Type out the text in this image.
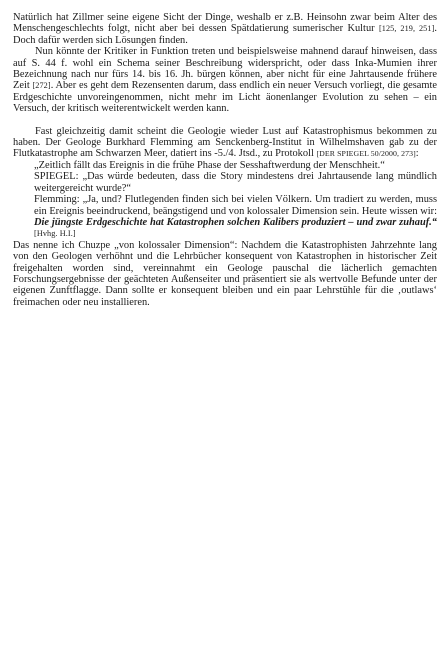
Natürlich hat Zillmer seine eigene Sicht der Dinge, weshalb er z.B. Heinsohn zwar beim Alter des Menschengeschlechts folgt, nicht aber bei dessen Spätdatierung sumerischer Kultur [125, 219, 251]. Doch dafür werden sich Lösungen finden.

Nun könnte der Kritiker in Funktion treten und beispielsweise mahnend darauf hinweisen, dass auf S. 44 f. wohl ein Schema seiner Beschreibung widerspricht, oder dass Inka-Mumien ihrer Bezeichnung nach nur fürs 14. bis 16. Jh. bürgen können, aber nicht für eine Jahrtausende frühere Zeit [272]. Aber es geht dem Rezensenten darum, dass endlich ein neuer Versuch vorliegt, die gesamte Erdgeschichte unvoreingenommen, nicht mehr im Licht äonenlanger Evolution zu sehen – ein Versuch, der kritisch weiterentwickelt werden kann.

Fast gleichzeitig damit scheint die Geologie wieder Lust auf Katastrophismus bekommen zu haben. Der Geologe Burkhard Flemming am Senckenberg-Institut in Wilhelmshaven gab zu der Flutkatastrophe am Schwarzen Meer, datiert ins -5./4. Jtsd., zu Protokoll [DER SPIEGEL 50/2000, 273]:

„Zeitlich fällt das Ereignis in die frühe Phase der Sesshaftwerdung der Menschheit.“

SPIEGEL: „Das würde bedeuten, dass die Story mindestens drei Jahrtausende lang mündlich weitergereicht wurde?“

Flemming: „Ja, und? Flutlegenden finden sich bei vielen Völkern. Um tradiert zu werden, muss ein Ereignis beeindruckend, beängstigend und von kolossaler Dimension sein. Heute wissen wir: Die jüngste Erdgeschichte hat Katastrophen solchen Kalibers produziert – und zwar zuhauf.“ [Hvhg. H.I.]

Das nenne ich Chuzpe „von kolossaler Dimension“: Nachdem die Katastrophisten Jahrzehnte lang von den Geologen verhöhnt und die Lehrbücher konsequent von Katastrophen in historischer Zeit freigehalten worden sind, vereinnahmt ein Geologe pauschal die lächerlich gemachten Forschungsergebnisse der geächteten Außenseiter und präsentiert sie als wertvolle Befunde unter der eigenen Zunftflagge. Dann sollte er konsequent bleiben und ein paar Lehrstühle für die ‚outlaws‘ freimachen oder neu installieren.
